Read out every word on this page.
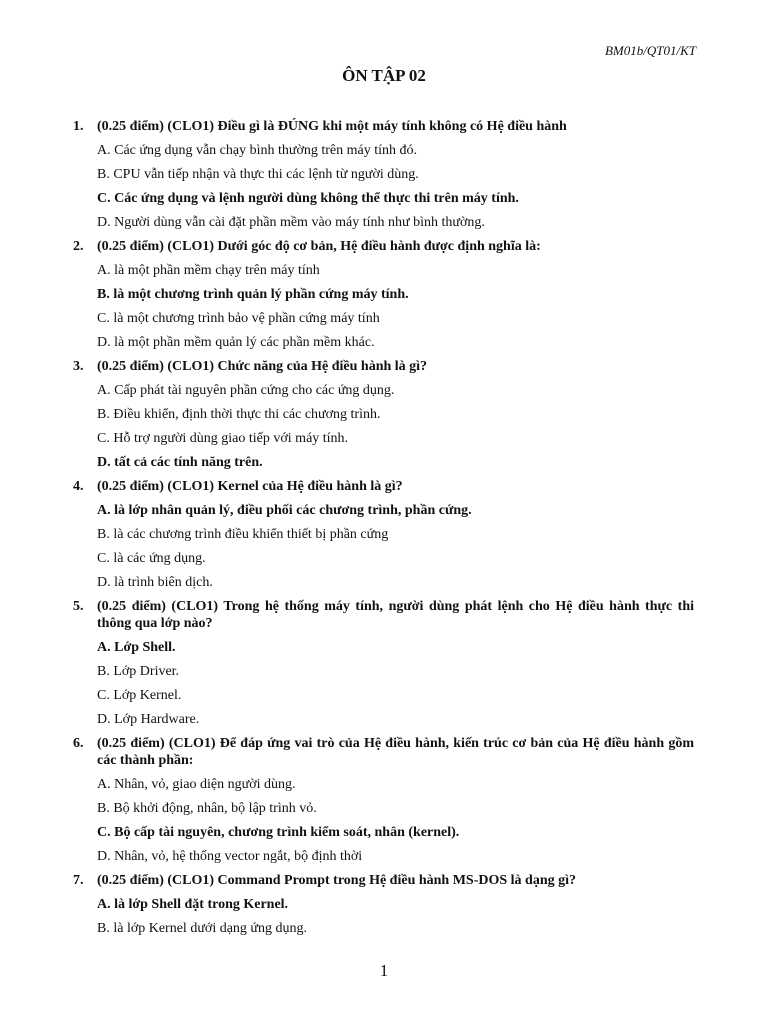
BM01b/QT01/KT
ÔN TẬP 02
1. (0.25 điểm) (CLO1) Điều gì là ĐÚNG khi một máy tính không có Hệ điều hành
A. Các ứng dụng vẫn chạy bình thường trên máy tính đó.
B. CPU vẫn tiếp nhận và thực thi các lệnh từ người dùng.
C. Các ứng dụng và lệnh người dùng không thể thực thi trên máy tính.
D. Người dùng vẫn cài đặt phần mềm vào máy tính như bình thường.
2. (0.25 điểm) (CLO1) Dưới góc độ cơ bản, Hệ điều hành được định nghĩa là:
A. là một phần mềm chạy trên máy tính
B. là một chương trình quản lý phần cứng máy tính.
C. là một chương trình bảo vệ phần cứng máy tính
D. là một phần mềm quản lý các phần mềm khác.
3. (0.25 điểm) (CLO1) Chức năng của Hệ điều hành là gì?
A. Cấp phát tài nguyên phần cứng cho các ứng dụng.
B. Điều khiển, định thời thực thi các chương trình.
C. Hỗ trợ người dùng giao tiếp với máy tính.
D. tất cả các tính năng trên.
4. (0.25 điểm) (CLO1) Kernel của Hệ điều hành là gì?
A. là lớp nhân quản lý, điều phối các chương trình, phần cứng.
B. là các chương trình điều khiển thiết bị phần cứng
C. là các ứng dụng.
D. là trình biên dịch.
5. (0.25 điểm) (CLO1) Trong hệ thống máy tính, người dùng phát lệnh cho Hệ điều hành thực thi thông qua lớp nào?
A. Lớp Shell.
B. Lớp Driver.
C. Lớp Kernel.
D. Lớp Hardware.
6. (0.25 điểm) (CLO1) Để đáp ứng vai trò của Hệ điều hành, kiến trúc cơ bản của Hệ điều hành gồm các thành phần:
A. Nhân, vỏ, giao diện người dùng.
B. Bộ khởi động, nhân, bộ lập trình vỏ.
C. Bộ cấp tài nguyên, chương trình kiểm soát, nhân (kernel).
D. Nhân, vỏ, hệ thống vector ngắt, bộ định thời
7. (0.25 điểm) (CLO1) Command Prompt trong Hệ điều hành MS-DOS là dạng gì?
A. là lớp Shell đặt trong Kernel.
B. là lớp Kernel dưới dạng ứng dụng.
1
